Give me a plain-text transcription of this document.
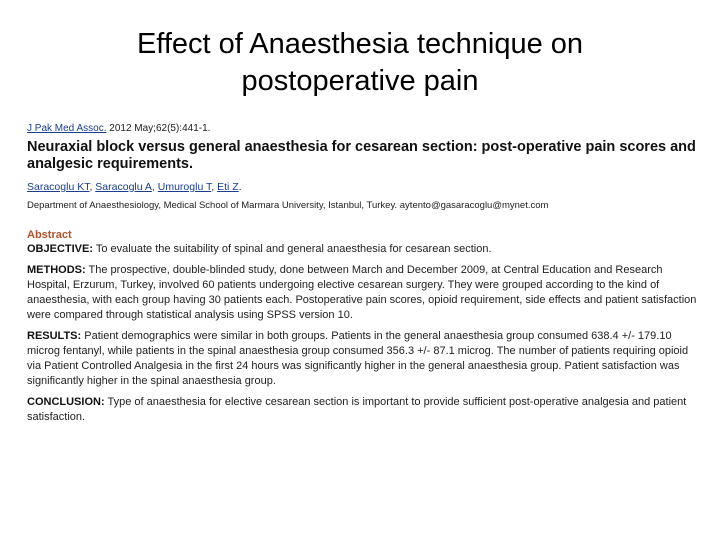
Effect of Anaesthesia technique on
postoperative pain
J Pak Med Assoc. 2012 May;62(5):441-1.
Neuraxial block versus general anaesthesia for cesarean section: post-operative pain scores and analgesic requirements.
Saracoglu KT, Saracoglu A, Umuroglu T, Eti Z.
Department of Anaesthesiology, Medical School of Marmara University, Istanbul, Turkey. aytento@gasaracoglu@mynet.com
Abstract
OBJECTIVE: To evaluate the suitability of spinal and general anaesthesia for cesarean section.
METHODS: The prospective, double-blinded study, done between March and December 2009, at Central Education and Research Hospital, Erzurum, Turkey, involved 60 patients undergoing elective cesarean surgery. They were grouped according to the kind of anaesthesia, with each group having 30 patients each. Postoperative pain scores, opioid requirement, side effects and patient satisfaction were compared through statistical analysis using SPSS version 10.
RESULTS: Patient demographics were similar in both groups. Patients in the general anaesthesia group consumed 638.4 +/- 179.10 microg fentanyl, while patients in the spinal anaesthesia group consumed 356.3 +/- 87.1 microg. The number of patients requiring opioid via Patient Controlled Analgesia in the first 24 hours was significantly higher in the general anaesthesia group. Patient satisfaction was significantly higher in the spinal anaesthesia group.
CONCLUSION: Type of anaesthesia for elective cesarean section is important to provide sufficient post-operative analgesia and patient satisfaction.
